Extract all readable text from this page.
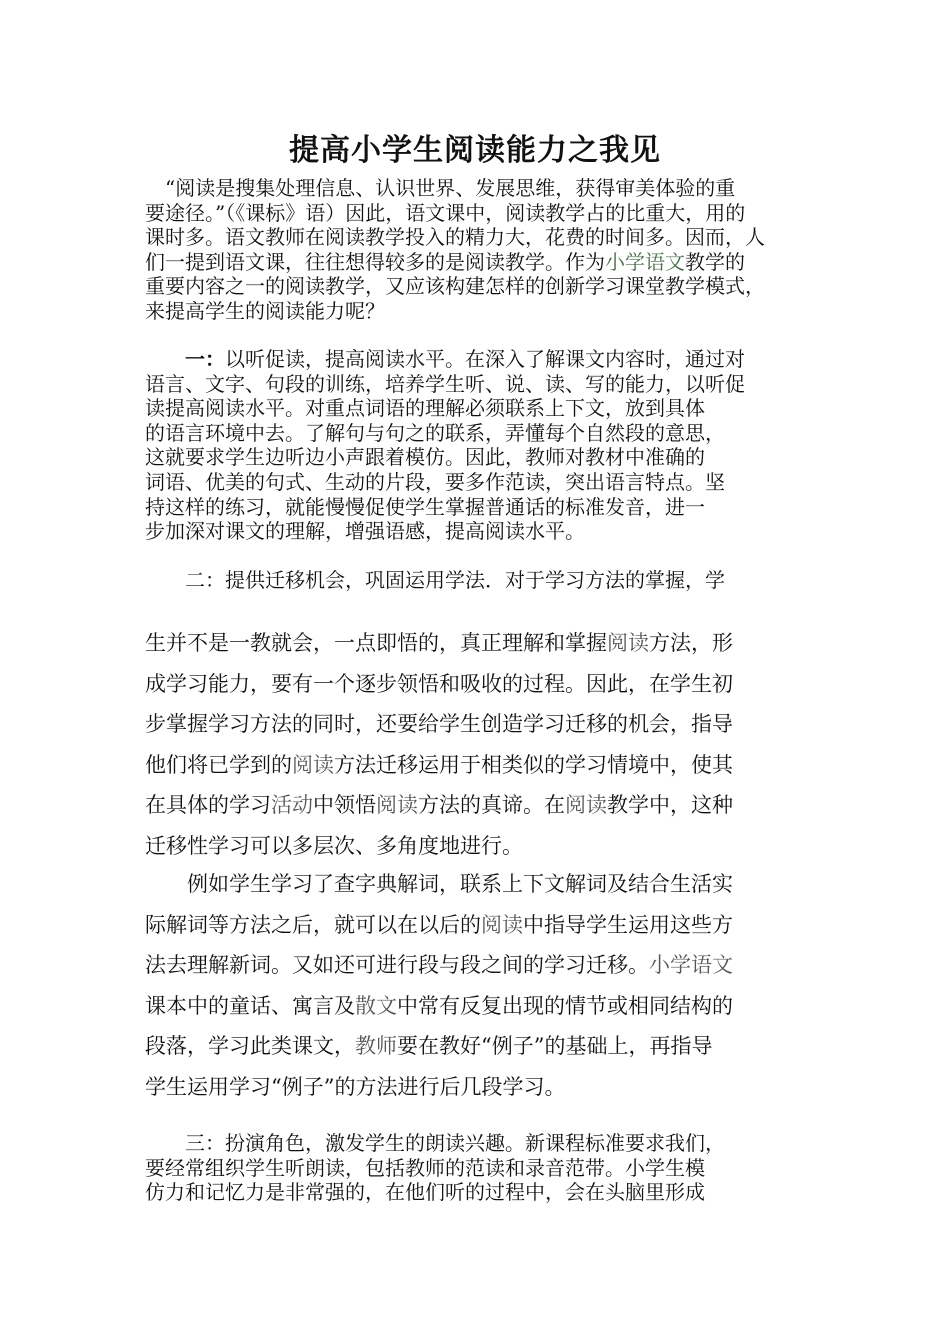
提高小学生阅读能力之我见
　“阅读是搜集处理信息、认识世界、发展思维，获得审美体验的重
要途径。”（《课标》语）因此，语文课中，阅读教学占的比重大，用的
课时多。语文教师在阅读教学投入的精力大，花费的时间多。因而，人
们一提到语文课，往往想得较多的是阅读教学。作为小学语文教学的
重要内容之一的阅读教学，又应该构建怎样的创新学习课堂教学模式，
来提高学生的阅读能力呢？
　　一：以听促读，提高阅读水平。在深入了解课文内容时，通过对
语言、文字、句段的训练，培养学生听、说、读、写的能力，以听促
读提高阅读水平。对重点词语的理解必须联系上下文，放到具体
的语言环境中去。了解句与句之的联系，弄懂每个自然段的意思，
这就要求学生边听边小声跟着模仿。因此，教师对教材中准确的
词语、优美的句式、生动的片段，要多作范读，突出语言特点。坚
持这样的练习，就能慢慢促使学生掌握普通话的标准发音，进一
步加深对课文的理解，增强语感，提高阅读水平。
　　二：提供迁移机会，巩固运用学法．对于学习方法的掌握，学
生并不是一教就会，一点即悟的，真正理解和掌握阅读方法，形
成学习能力，要有一个逐步领悟和吸收的过程。因此，在学生初
步掌握学习方法的同时，还要给学生创造学习迁移的机会，指导
他们将已学到的阅读方法迁移运用于相类似的学习情境中，使其
在具体的学习活动中领悟阅读方法的真谛。在阅读教学中，这种
迁移性学习可以多层次、多角度地进行。
　　例如学生学习了查字典解词，联系上下文解词及结合生活实
际解词等方法之后，就可以在以后的阅读中指导学生运用这些方
法去理解新词。又如还可进行段与段之间的学习迁移。小学语文
课本中的童话、寓言及散文中常有反复出现的情节或相同结构的
段落，学习此类课文，教师要在教好“例子”的基础上，再指导
学生运用学习“例子”的方法进行后几段学习。
　　三：扮演角色，激发学生的朗读兴趣。新课程标准要求我们，
要经常组织学生听朗读，包括教师的范读和录音范带。小学生模
仿力和记忆力是非常强的，在他们听的过程中，会在头脑里形成
